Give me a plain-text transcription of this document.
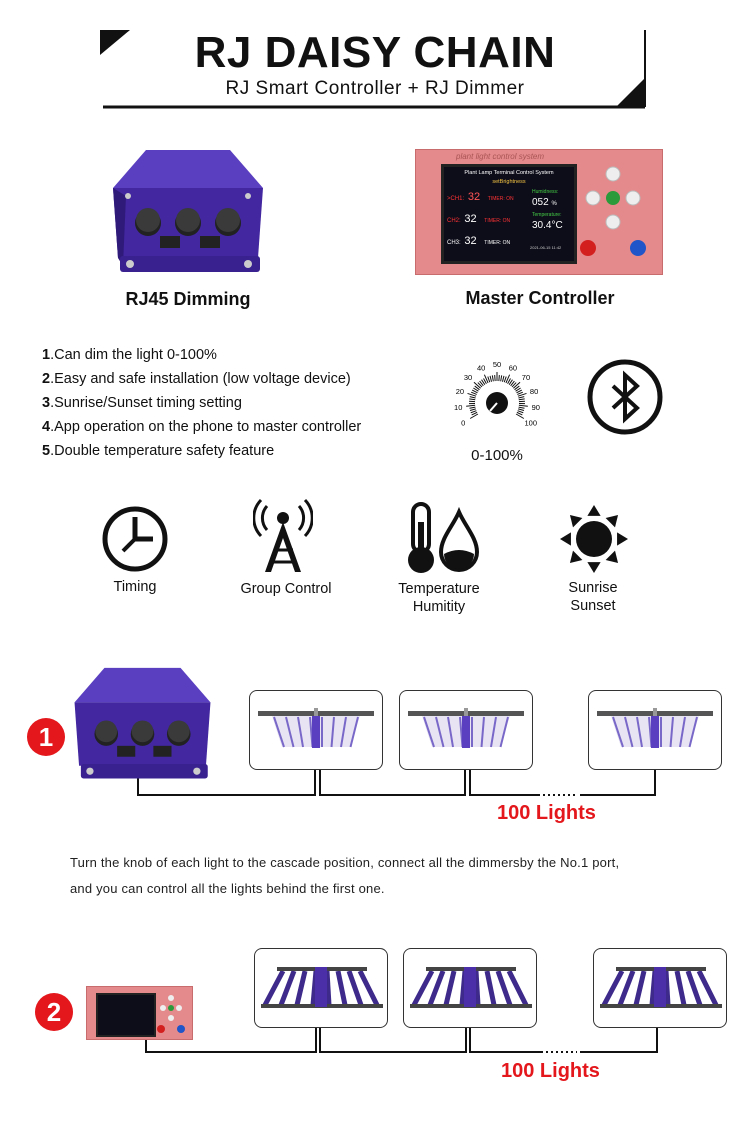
RJ DAISY CHAIN
RJ Smart Controller + RJ Dimmer
RJ45 Dimming
plant light control system
Plant Lamp Terminal Control System
setBrightness
>CH1: 32 TIMER: ON
CH2: 32 TIMER: ON
CH3: 32 TIMER: ON
Humidness:
052 %
Temperature:
30.4°C
2021-06-15 11:42
Master Controller
1.Can dim the light 0-100%
2.Easy and safe installation (low voltage device)
3.Sunrise/Sunset timing setting
4.App operation on the phone to master controller
5.Double temperature safety feature
0
10
20
30
40 50 60
70
80
90
100
0-100%
Timing	Group Control	Temperature
Humitity
Sunrise
Sunset
1
100 Lights
Turn the knob of each light to the cascade position, connect all the dimmersby the No.1 port,
and you can control all the lights behind the first one.
2
100 Lights
